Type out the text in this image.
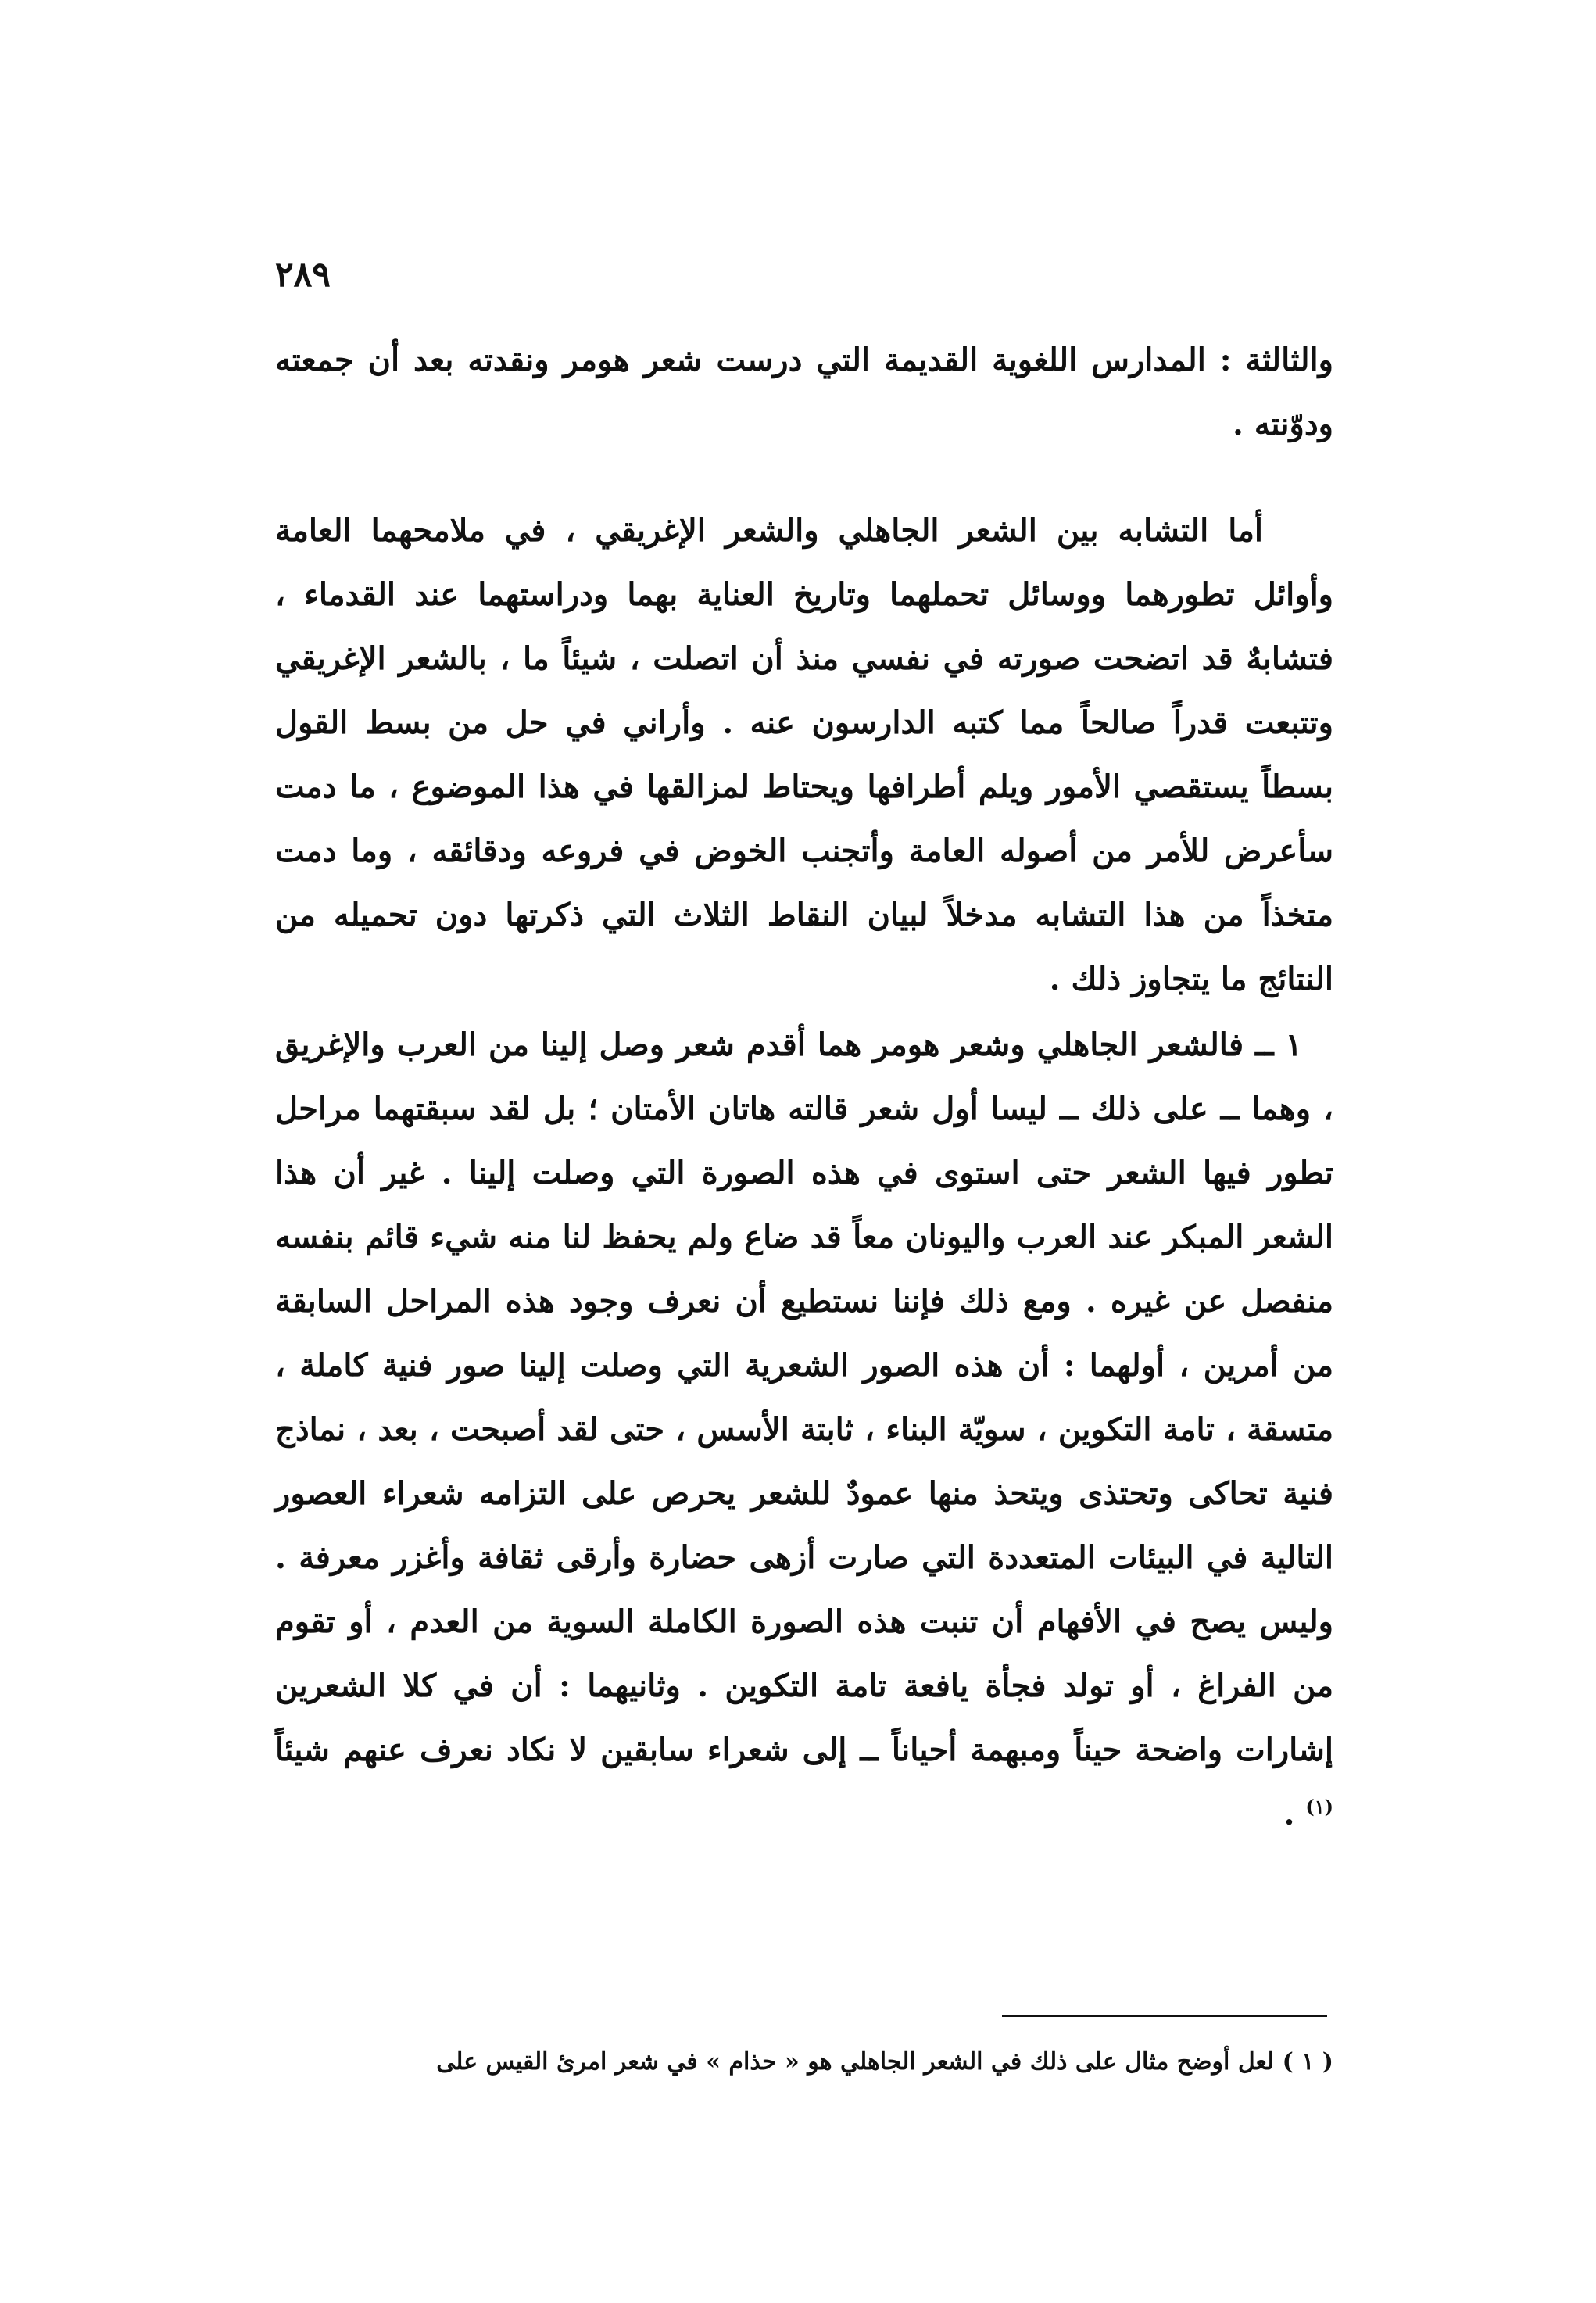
٢٨٩

والثالثة : المدارس اللغوية القديمة التي درست شعر هومر ونقدته بعد أن جمعته ودوّنته .

أما التشابه بين الشعر الجاهلي والشعر الإغريقي ، في ملامحهما العامة وأوائل تطورهما ووسائل تحملهما وتاريخ العناية بهما ودراستهما عند القدماء ، فتشابهٌ قد اتضحت صورته في نفسي منذ أن اتصلت ، شيئاً ما ، بالشعر الإغريقي وتتبعت قدراً صالحاً مما كتبه الدارسون عنه . وأراني في حل من بسط القول بسطاً يستقصي الأمور ويلم أطرافها ويحتاط لمزالقها في هذا الموضوع ، ما دمت سأعرض للأمر من أصوله العامة وأتجنب الخوض في فروعه ودقائقه ، وما دمت متخذاً من هذا التشابه مدخلاً لبيان النقاط الثلاث التي ذكرتها دون تحميله من النتائج ما يتجاوز ذلك .

١ ــ فالشعر الجاهلي وشعر هومر هما أقدم شعر وصل إلينا من العرب والإغريق ، وهما ــ على ذلك ــ ليسا أول شعر قالته هاتان الأمتان ؛ بل لقد سبقتهما مراحل تطور فيها الشعر حتى استوى في هذه الصورة التي وصلت إلينا . غير أن هذا الشعر المبكر عند العرب واليونان معاً قد ضاع ولم يحفظ لنا منه شيء قائم بنفسه منفصل عن غيره . ومع ذلك فإننا نستطيع أن نعرف وجود هذه المراحل السابقة من أمرين ، أولهما : أن هذه الصور الشعرية التي وصلت إلينا صور فنية كاملة ، متسقة ، تامة التكوين ، سويّة البناء ، ثابتة الأسس ، حتى لقد أصبحت ، بعد ، نماذج فنية تحاكى وتحتذى ويتحذ منها عمودٌ للشعر يحرص على التزامه شعراء العصور التالية في البيئات المتعددة التي صارت أزهى حضارة وأرقى ثقافة وأغزر معرفة . وليس يصح في الأفهام أن تنبت هذه الصورة الكاملة السوية من العدم ، أو تقوم من الفراغ ، أو تولد فجأة يافعة تامة التكوين . وثانيهما : أن في كلا الشعرين إشارات واضحة حيناً ومبهمة أحياناً ــ إلى شعراء سابقين لا نكاد نعرف عنهم شيئاً $^{(١)}$ .

( ١ ) لعل أوضح مثال على ذلك في الشعر الجاهلي هو « حذام » في شعر امرئ القيس على
